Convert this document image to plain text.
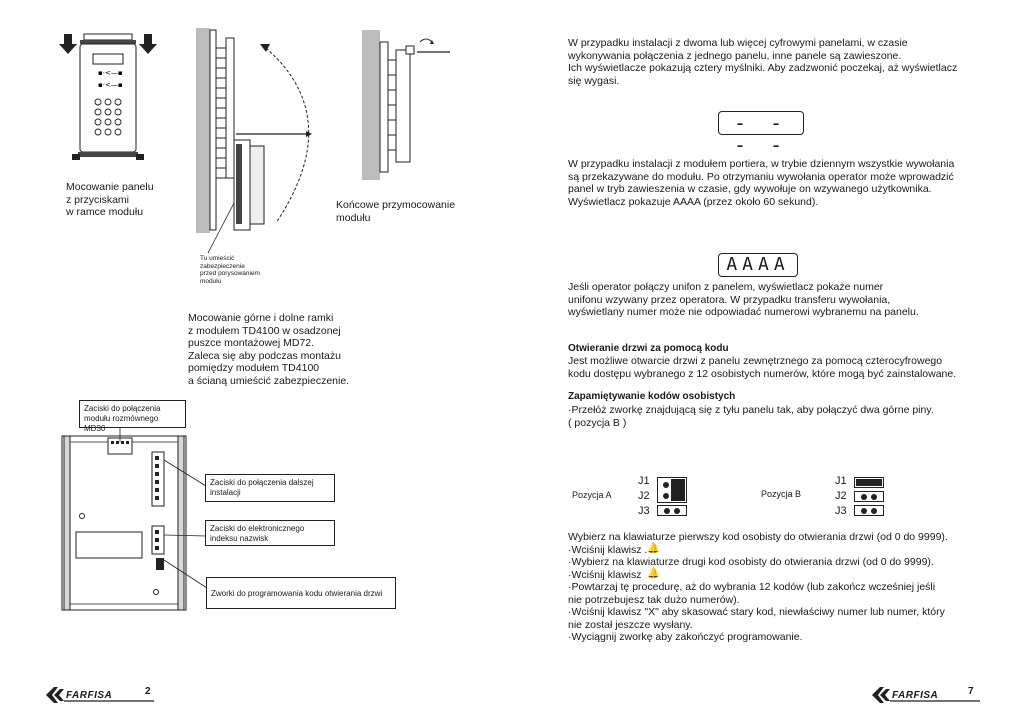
▪·<—▪
▪·<—▪
Mocowanie panelu
z przyciskami
w ramce modułu
Tu umieścić
zabezpieczenie
przed porysowaniem
modułu
Końcowe przymocowanie
modułu
Mocowanie górne i dolne ramki
z modułem TD4100 w osadzonej
puszce montażowej MD72.
Zaleca się aby podczas montażu
pomiędzy modułem TD4100
a ścianą umieścić zabezpieczenie.
Zaciski do połączenia
modułu rozmównego MD30
Zaciski do połączenia dalszej
instalacji
Zaciski do elektronicznego
indeksu nazwisk
Zworki do programowania kodu otwierania drzwi
FARFISA	2
W przypadku instalacji z dwoma lub więcej cyfrowymi panelami, w czasie
wykonywania połączenia z jednego panelu, inne panele są zawieszone.
Ich wyświetlacze pokazują cztery myślniki. Aby zadzwonić poczekaj, aż wyświetlacz
się wygasi.
- - - -
W przypadku instalacji z modułem portiera, w trybie dziennym wszystkie wywołania
są przekazywane do modułu. Po otrzymaniu wywołania operator może wprowadzić
panel w tryb zawieszenia w czasie, gdy wywołuje on wzywanego użytkownika.
Wyświetlacz pokazuje AAAA (przez około 60 sekund).
AAAA
Jeśli operator połączy unifon z panelem, wyświetlacz pokaże numer
unifonu wzywany przez operatora. W przypadku transferu wywołania,
wyświetlany numer może nie odpowiadać numerowi wybranemu na panelu.
Otwieranie drzwi za pomocą kodu
Jest możliwe otwarcie drzwi z panelu zewnętrznego za pomocą czterocyfrowego
kodu dostępu wybranego z 12 osobistych numerów, które mogą być zainstalowane.
Zapamiętywanie kodów osobistych
·Przełóż zworkę znajdującą się z tyłu panelu tak, aby połączyć dwa górne piny.
( pozycja B )
Pozycja A
J1
J2
J3
Pozycja B
J1
J2
J3
Wybierz na klawiaturze pierwszy kod osobisty do otwierania drzwi (od 0 do 9999).
·Wciśnij klawisz .
·Wybierz na klawiaturze drugi kod osobisty do otwierania drzwi (od 0 do 9999).
·Wciśnij klawisz
·Powtarzaj tę procedurę, aż do wybrania 12 kodów (lub zakończ wcześniej jeśli
nie potrzebujesz tak dużo numerów).
·Wciśnij klawisz "X" aby skasować stary kod, niewłaściwy numer lub numer, który
nie został jeszcze wysłany.
·Wyciągnij zworkę aby zakończyć programowanie.
🔔
🔔
FARFISA	7
